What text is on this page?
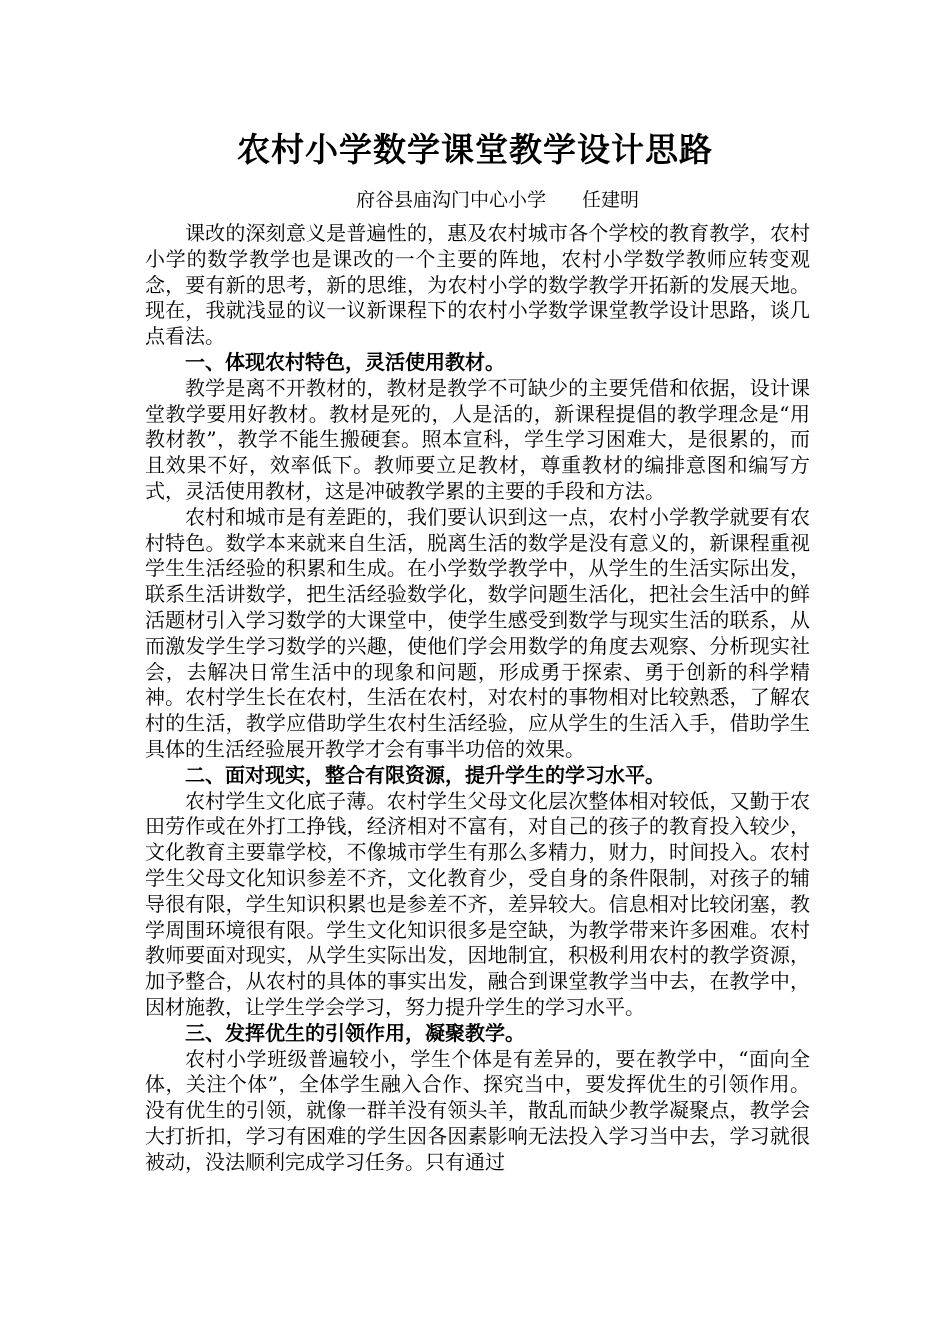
农村小学数学课堂教学设计思路
府谷县庙沟门中心小学 任建明

课改的深刻意义是普遍性的，惠及农村城市各个学校的教育教学，农村小学的数学教学也是课改的一个主要的阵地，农村小学数学教师应转变观念，要有新的思考，新的思维，为农村小学的数学教学开拓新的发展天地。现在，我就浅显的议一议新课程下的农村小学数学课堂教学设计思路，谈几点看法。

一、体现农村特色，灵活使用教材。

教学是离不开教材的，教材是教学不可缺少的主要凭借和依据，设计课堂教学要用好教材。教材是死的，人是活的，新课程提倡的教学理念是“用教材教”，教学不能生搬硬套。照本宣科，学生学习困难大，是很累的，而且效果不好，效率低下。教师要立足教材，尊重教材的编排意图和编写方式，灵活使用教材，这是冲破教学累的主要的手段和方法。

农村和城市是有差距的，我们要认识到这一点，农村小学教学就要有农村特色。数学本来就来自生活，脱离生活的数学是没有意义的，新课程重视学生生活经验的积累和生成。在小学数学教学中，从学生的生活实际出发，联系生活讲数学，把生活经验数学化，数学问题生活化，把社会生活中的鲜活题材引入学习数学的大课堂中，使学生感受到数学与现实生活的联系，从而激发学生学习数学的兴趣，使他们学会用数学的角度去观察、分析现实社会，去解决日常生活中的现象和问题，形成勇于探索、勇于创新的科学精神。农村学生长在农村，生活在农村，对农村的事物相对比较熟悉，了解农村的生活，教学应借助学生农村生活经验，应从学生的生活入手，借助学生具体的生活经验展开教学才会有事半功倍的效果。

二、面对现实，整合有限资源，提升学生的学习水平。

农村学生文化底子薄。农村学生父母文化层次整体相对较低，又勤于农田劳作或在外打工挣钱，经济相对不富有，对自己的孩子的教育投入较少，文化教育主要靠学校，不像城市学生有那么多精力，财力，时间投入。农村学生父母文化知识参差不齐，文化教育少，受自身的条件限制，对孩子的辅导很有限，学生知识积累也是参差不齐，差异较大。信息相对比较闭塞，教学周围环境很有限。学生文化知识很多是空缺，为教学带来许多困难。农村教师要面对现实，从学生实际出发，因地制宜，积极利用农村的教学资源，加予整合，从农村的具体的事实出发，融合到课堂教学当中去，在教学中，因材施教，让学生学会学习，努力提升学生的学习水平。

三、发挥优生的引领作用，凝聚教学。

农村小学班级普遍较小，学生个体是有差异的，要在教学中，“面向全体，关注个体”，全体学生融入合作、探究当中，要发挥优生的引领作用。没有优生的引领，就像一群羊没有领头羊，散乱而缺少教学凝聚点，教学会大打折扣，学习有困难的学生因各因素影响无法投入学习当中去，学习就很被动，没法顺利完成学习任务。只有通过
